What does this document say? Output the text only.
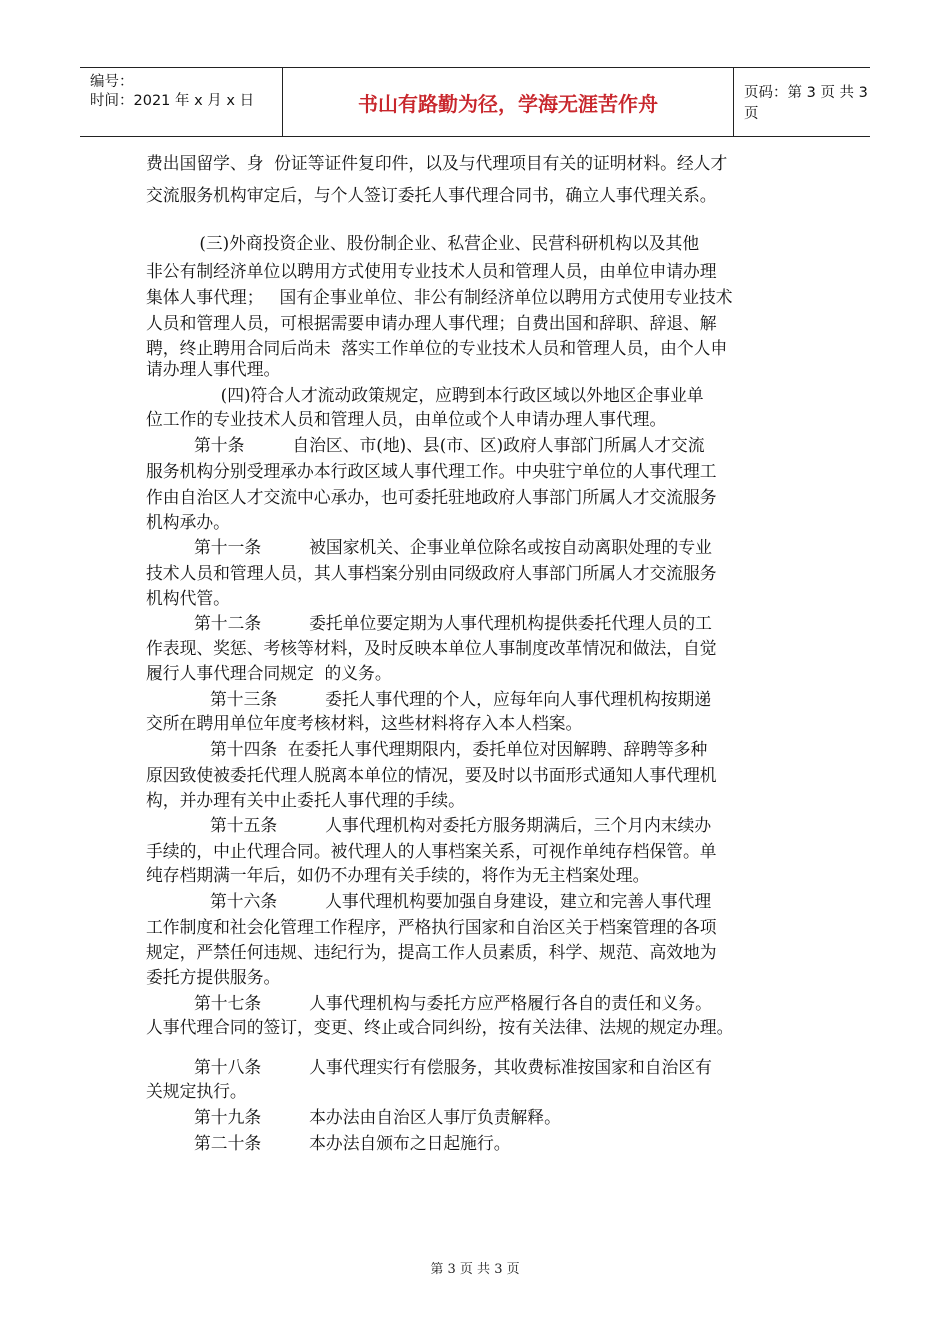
编号：
时间：2021 年 x 月 x 日	书山有路勤为径，学海无涯苦作舟	页码：第 3 页 共 3 页
费出国留学、身  份证等证件复印件，以及与代理项目有关的证明材料。经人才
交流服务机构审定后，与个人签订委托人事代理合同书，确立人事代理关系。
(三)外商投资企业、股份制企业、私营企业、民营科研机构以及其他
非公有制经济单位以聘用方式使用专业技术人员和管理人员，由单位申请办理
集体人事代理；   国有企事业单位、非公有制经济单位以聘用方式使用专业技术
人员和管理人员，可根据需要申请办理人事代理；自费出国和辞职、辞退、解
聘，终止聘用合同后尚未  落实工作单位的专业技术人员和管理人员，由个人申
请办理人事代理。
(四)符合人才流动政策规定，应聘到本行政区域以外地区企事业单
位工作的专业技术人员和管理人员，由单位或个人申请办理人事代理。
第十条         自治区、市(地)、县(市、区)政府人事部门所属人才交流
服务机构分别受理承办本行政区域人事代理工作。中央驻宁单位的人事代理工
作由自治区人才交流中心承办，也可委托驻地政府人事部门所属人才交流服务
机构承办。
第十一条         被国家机关、企事业单位除名或按自动离职处理的专业
技术人员和管理人员，其人事档案分别由同级政府人事部门所属人才交流服务
机构代管。
第十二条         委托单位要定期为人事代理机构提供委托代理人员的工
作表现、奖惩、考核等材料，及时反映本单位人事制度改革情况和做法，自觉
履行人事代理合同规定  的义务。
第十三条         委托人事代理的个人，应每年向人事代理机构按期递
交所在聘用单位年度考核材料，这些材料将存入本人档案。
第十四条  在委托人事代理期限内，委托单位对因解聘、辞聘等多种
原因致使被委托代理人脱离本单位的情况，要及时以书面形式通知人事代理机
构，并办理有关中止委托人事代理的手续。
第十五条         人事代理机构对委托方服务期满后，三个月内末续办
手续的，中止代理合同。被代理人的人事档案关系，可视作单纯存档保管。单
纯存档期满一年后，如仍不办理有关手续的，将作为无主档案处理。
第十六条         人事代理机构要加强自身建设，建立和完善人事代理
工作制度和社会化管理工作程序，严格执行国家和自治区关于档案管理的各项
规定，严禁任何违规、违纪行为，提高工作人员素质，科学、规范、高效地为
委托方提供服务。
第十七条         人事代理机构与委托方应严格履行各自的责任和义务。
人事代理合同的签订，变更、终止或合同纠纷，按有关法律、法规的规定办理。
第十八条         人事代理实行有偿服务，其收费标准按国家和自治区有
关规定执行。
第十九条         本办法由自治区人事厅负责解释。
第二十条         本办法自颁布之日起施行。
第 3 页 共 3 页
